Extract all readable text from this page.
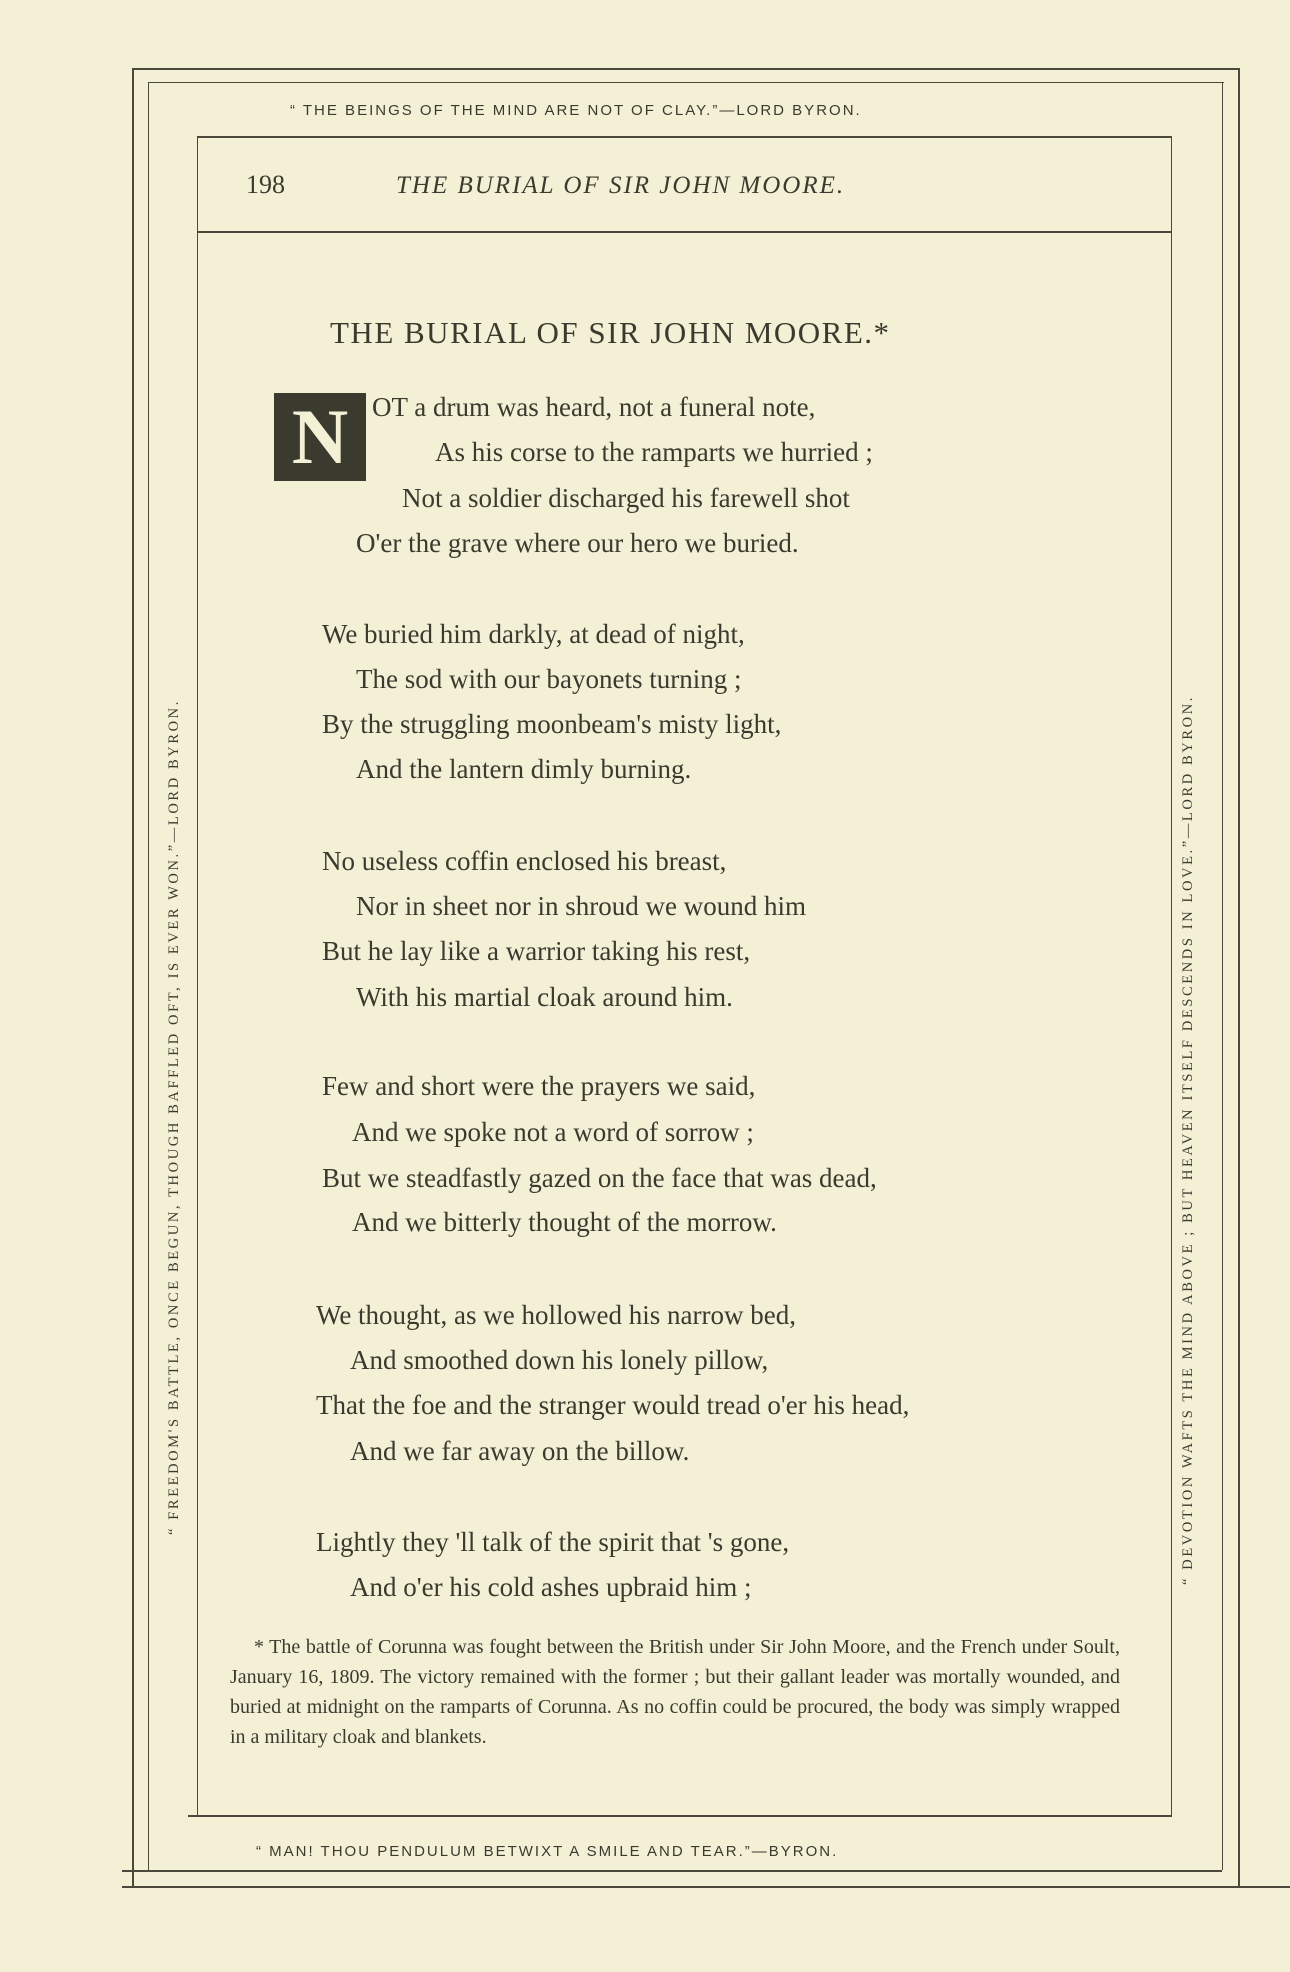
“ THE BEINGS OF THE MIND ARE NOT OF CLAY.”—LORD BYRON.
198	THE BURIAL OF SIR JOHN MOORE.
THE BURIAL OF SIR JOHN MOORE.*
N OT a drum was heard, not a funeral note,
As his corse to the ramparts we hurried ;
Not a soldier discharged his farewell shot
O'er the grave where our hero we buried.
We buried him darkly, at dead of night,
The sod with our bayonets turning ;
By the struggling moonbeam's misty light,
And the lantern dimly burning.
No useless coffin enclosed his breast,
Nor in sheet nor in shroud we wound him
But he lay like a warrior taking his rest,
With his martial cloak around him.
Few and short were the prayers we said,
And we spoke not a word of sorrow ;
But we steadfastly gazed on the face that was dead,
And we bitterly thought of the morrow.
We thought, as we hollowed his narrow bed,
And smoothed down his lonely pillow,
That the foe and the stranger would tread o'er his head,
And we far away on the billow.
Lightly they 'll talk of the spirit that 's gone,
And o'er his cold ashes upbraid him ;
* The battle of Corunna was fought between the British under Sir John Moore, and the French under Soult, January 16, 1809. The victory remained with the former ; but their gallant leader was mortally wounded, and buried at midnight on the ramparts of Corunna. As no coffin could be procured, the body was simply wrapped in a military cloak and blankets.
“ MAN! THOU PENDULUM BETWIXT A SMILE AND TEAR.”—BYRON.
“ FREEDOM'S BATTLE, ONCE BEGUN, THOUGH BAFFLED OFT, IS EVER WON.”—LORD BYRON.	“ DEVOTION WAFTS THE MIND ABOVE ; BUT HEAVEN ITSELF DESCENDS IN LOVE.”—LORD BYRON.
